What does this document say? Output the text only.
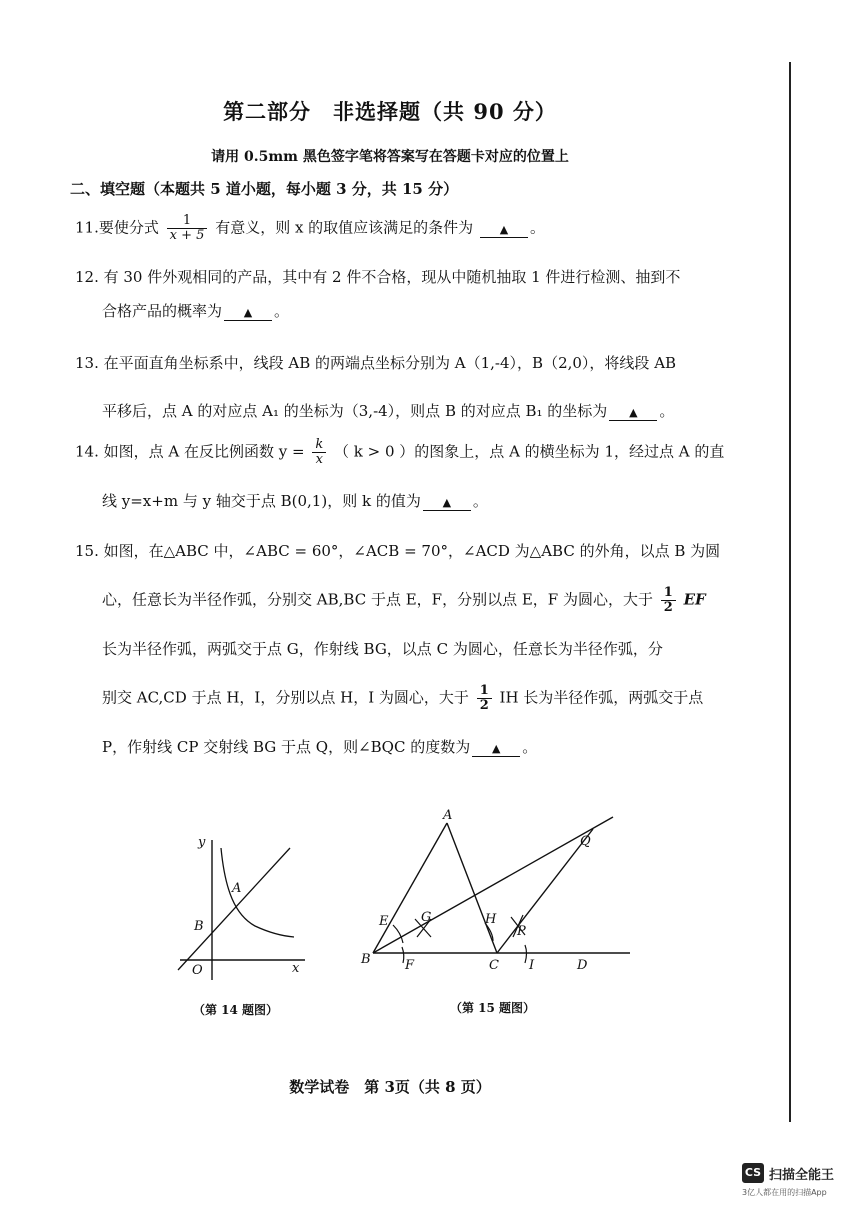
第二部分　非选择题（共 90 分）
请用 0.5mm 黑色签字笔将答案写在答题卡对应的位置上
二、填空题（本题共 5 道小题，每小题 3 分，共 15 分）
11.要使分式 $\frac{1}{x + 5}$ 有意义，则 x 的取值应该满足的条件为 ▲ 。
12. 有 30 件外观相同的产品，其中有 2 件不合格，现从中随机抽取 1 件进行检测、抽到不
合格产品的概率为 ▲ 。
13. 在平面直角坐标系中，线段 AB 的两端点坐标分别为 A（1,-4），B（2,0），将线段 AB
平移后，点 A 的对应点 A₁ 的坐标为（3,-4），则点 B 的对应点 B₁ 的坐标为 ▲ 。
14. 如图，点 A 在反比例函数 $y = \frac{k}{x}$ （ k > 0 ）的图象上，点 A 的横坐标为 1，经过点 A 的直
线 y=x+m 与 y 轴交于点 B(0,1)，则 k 的值为 ▲ 。
15. 如图，在△ABC 中，∠ABC = 60°，∠ACB = 70°，∠ACD 为△ABC 的外角，以点 B 为圆
心，任意长为半径作弧，分别交 AB,BC 于点 E，F，分别以点 E，F 为圆心，大于 $\frac{1}{2}$ EF
长为半径作弧，两弧交于点 G，作射线 BG，以点 C 为圆心，任意长为半径作弧，分
别交 AC,CD 于点 H，I，分别以点 H，I 为圆心，大于 $\frac{1}{2}$ IH 长为半径作弧，两弧交于点
P，作射线 CP 交射线 BG 于点 Q，则∠BQC 的度数为 ▲ 。
y
x
O
A
B
（第 14 题图）
A
B	C	D
E
F
G	H
I
P
Q
（第 15 题图）
数学试卷　第 3页（共 8 页）
CS 扫描全能王
3亿人都在用的扫描App
